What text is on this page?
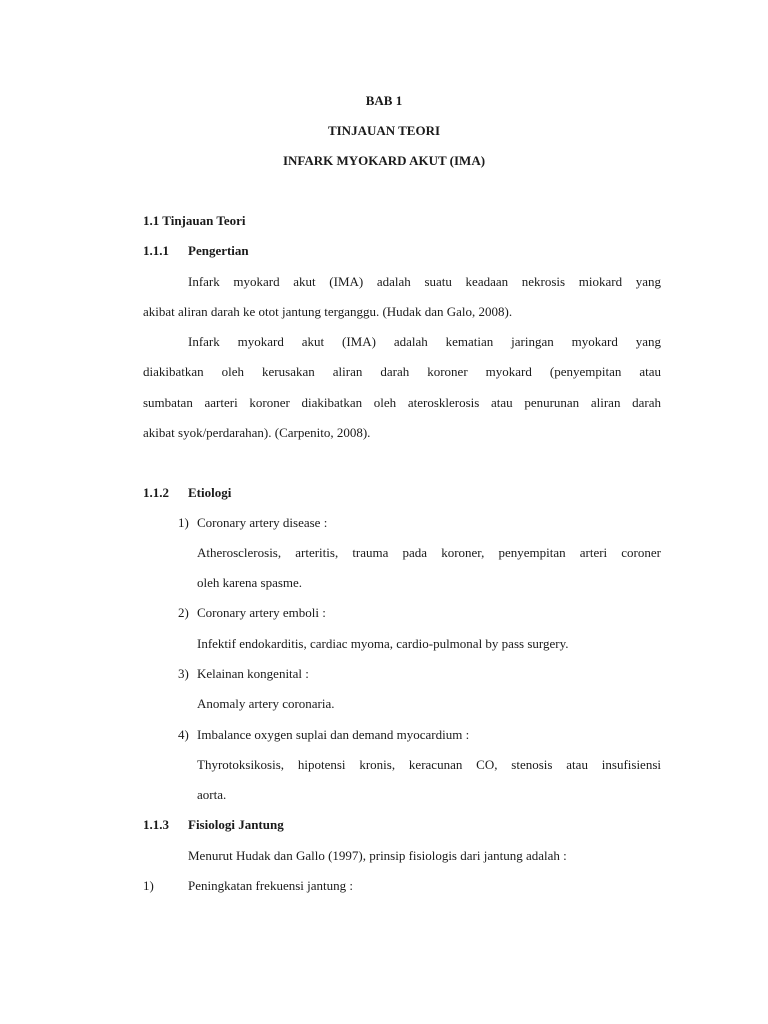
BAB 1
TINJAUAN TEORI
INFARK MYOKARD AKUT (IMA)
1.1 Tinjauan Teori
1.1.1 Pengertian
Infark myokard akut (IMA) adalah suatu keadaan nekrosis miokard yang
akibat aliran darah ke otot jantung terganggu. (Hudak dan Galo, 2008).
Infark myokard akut (IMA) adalah kematian jaringan myokard yang
diakibatkan oleh kerusakan aliran darah koroner myokard (penyempitan atau
sumbatan aarteri koroner diakibatkan oleh aterosklerosis atau penurunan aliran darah
akibat syok/perdarahan). (Carpenito, 2008).
1.1.2 Etiologi
1) Coronary artery disease :
Atherosclerosis, arteritis, trauma pada koroner, penyempitan arteri coroner
oleh karena spasme.
2) Coronary artery emboli :
Infektif endokarditis, cardiac myoma, cardio-pulmonal by pass surgery.
3) Kelainan kongenital :
Anomaly artery coronaria.
4) Imbalance oxygen suplai dan demand myocardium :
Thyrotoksikosis, hipotensi kronis, keracunan CO, stenosis atau insufisiensi
aorta.
1.1.3 Fisiologi Jantung
Menurut Hudak dan Gallo (1997), prinsip fisiologis dari jantung adalah :
1)	Peningkatan frekuensi jantung :
